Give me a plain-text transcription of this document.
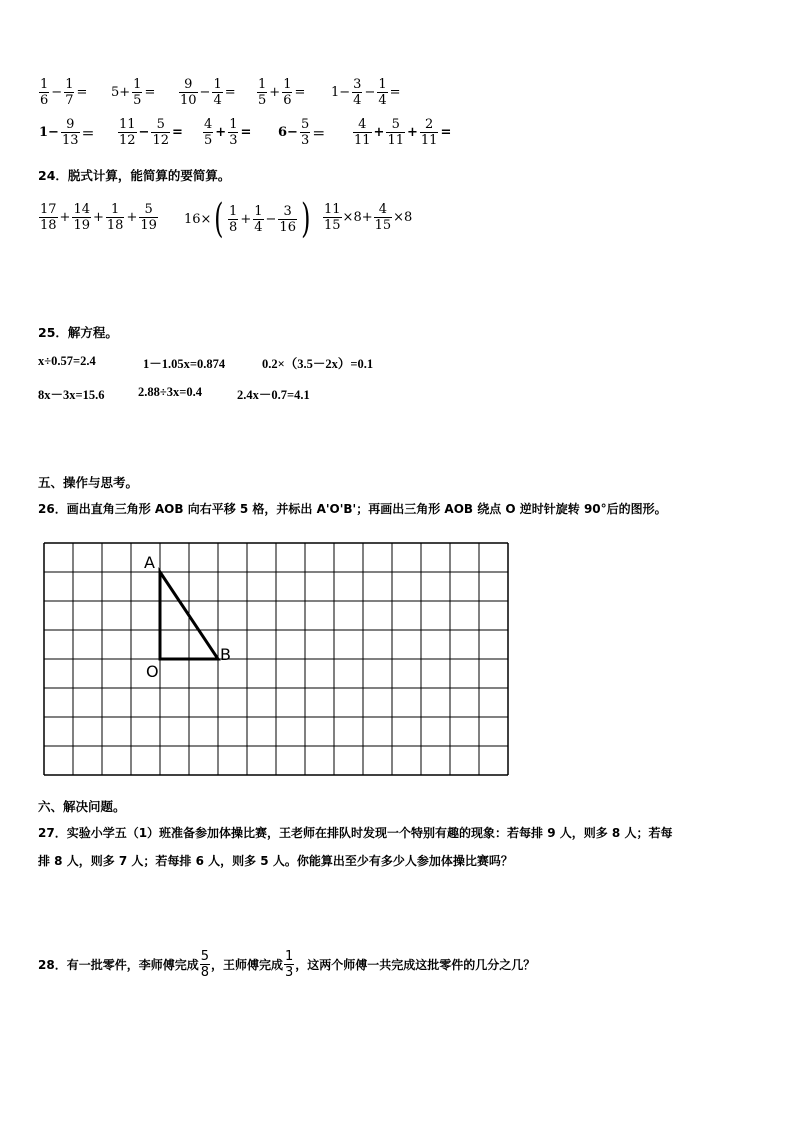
$\frac{1}{6} - \frac{1}{7} = 5+ \frac{1}{5} = \frac{9}{10} - \frac{1}{4} = \frac{1}{5} + \frac{1}{6} = 1- \frac{3}{4} - \frac{1}{4}$ =
$1- \frac{9}{13} = \frac{11}{12} - \frac{5}{12} = \frac{4}{5} + \frac{1}{3} = 6- \frac{5}{3} = \frac{4}{11} + \frac{5}{11} + \frac{2}{11}$ =
24．脱式计算，能简算的要简算。
$\frac{17}{18} + \frac{14}{19} + \frac{1}{18} + \frac{5}{19} 16\times$ ( $\frac{1}{8} + \frac{1}{4} - \frac{3}{16}$ ) $\frac{11}{15} \times 8+ \frac{4}{15} \times 8$
25．解方程。
x÷0.57=2.4	1－1.05x=0.874	0.2×（3.5－2x）=0.1
8x－3x=15.6	2.88÷3x=0.4	2.4x－0.7=4.1
五、操作与思考。
26．画出直角三角形 AOB 向右平移 5 格，并标出 A'O'B'；再画出三角形 AOB 绕点 O 逆时针旋转 90°后的图形。
A
O
B
六、解决问题。
27．实验小学五（1）班准备参加体操比赛，王老师在排队时发现一个特别有趣的现象：若每排 9 人，则多 8 人；若每
排 8 人，则多 7 人；若每排 6 人，则多 5 人。你能算出至少有多少人参加体操比赛吗？
28．有一批零件，李师傅完成 $\frac{5}{8}$ ，王师傅完成 $\frac{1}{3}$ ，这两个师傅一共完成这批零件的几分之几？
